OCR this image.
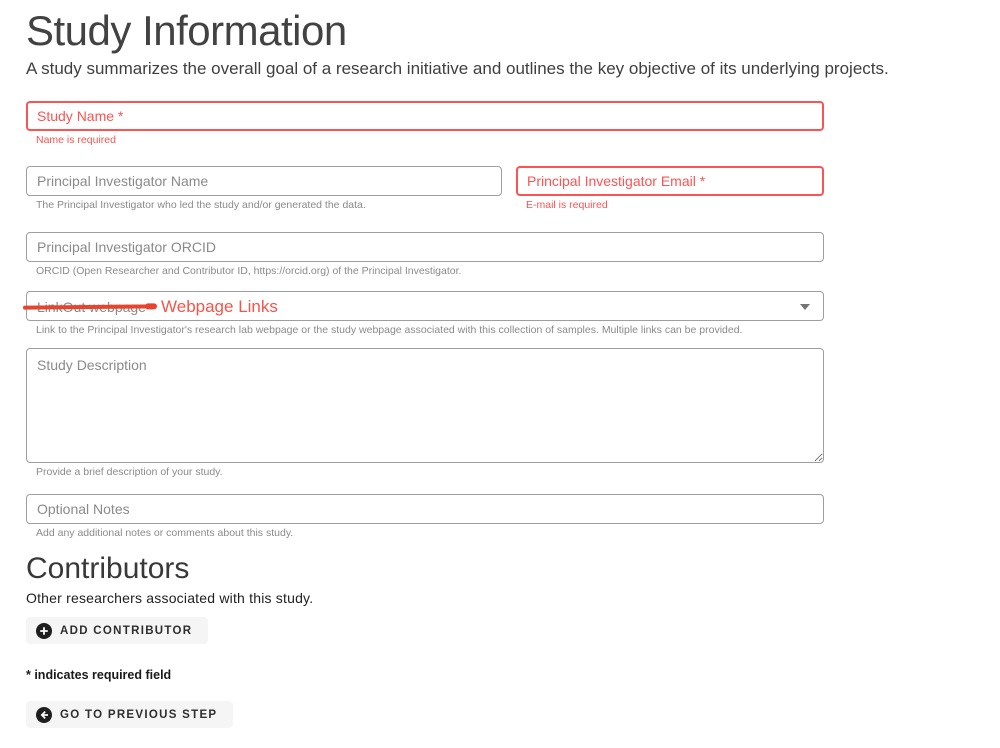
Study Information
A study summarizes the overall goal of a research initiative and outlines the key objective of its underlying projects.
Study Name *
Name is required
Principal Investigator Name
The Principal Investigator who led the study and/or generated the data.
Principal Investigator Email *	E-mail is required
Principal Investigator ORCID
ORCID (Open Researcher and Contributor ID, https://orcid.org) of the Principal Investigator.
Webpage Links
Link to the Principal Investigator's research lab webpage or the study webpage associated with this collection of samples. Multiple links can be provided.
Study Description
Provide a brief description of your study.
Optional Notes
Add any additional notes or comments about this study.
Contributors
Other researchers associated with this study.
ADD CONTRIBUTOR
* indicates required field
GO TO PREVIOUS STEP
